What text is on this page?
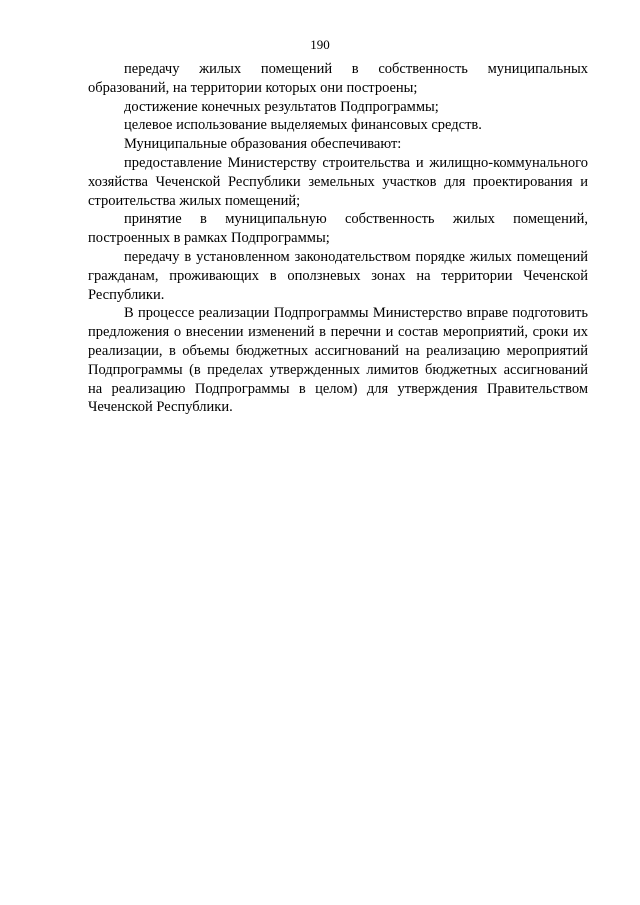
190

передачу жилых помещений в собственность муниципальных образований, на территории которых они построены;

достижение конечных результатов Подпрограммы;

целевое использование выделяемых финансовых средств.

Муниципальные образования обеспечивают:

предоставление Министерству строительства и жилищно-коммунального хозяйства Чеченской Республики земельных участков для проектирования и строительства жилых помещений;

принятие в муниципальную собственность жилых помещений, построенных в рамках Подпрограммы;

передачу в установленном законодательством порядке жилых помещений гражданам, проживающих в оползневых зонах на территории Чеченской Республики.

В процессе реализации Подпрограммы Министерство вправе подготовить предложения о внесении изменений в перечни и состав мероприятий, сроки их реализации, в объемы бюджетных ассигнований на реализацию мероприятий Подпрограммы (в пределах утвержденных лимитов бюджетных ассигнований на реализацию Подпрограммы в целом) для утверждения Правительством Чеченской Республики.
